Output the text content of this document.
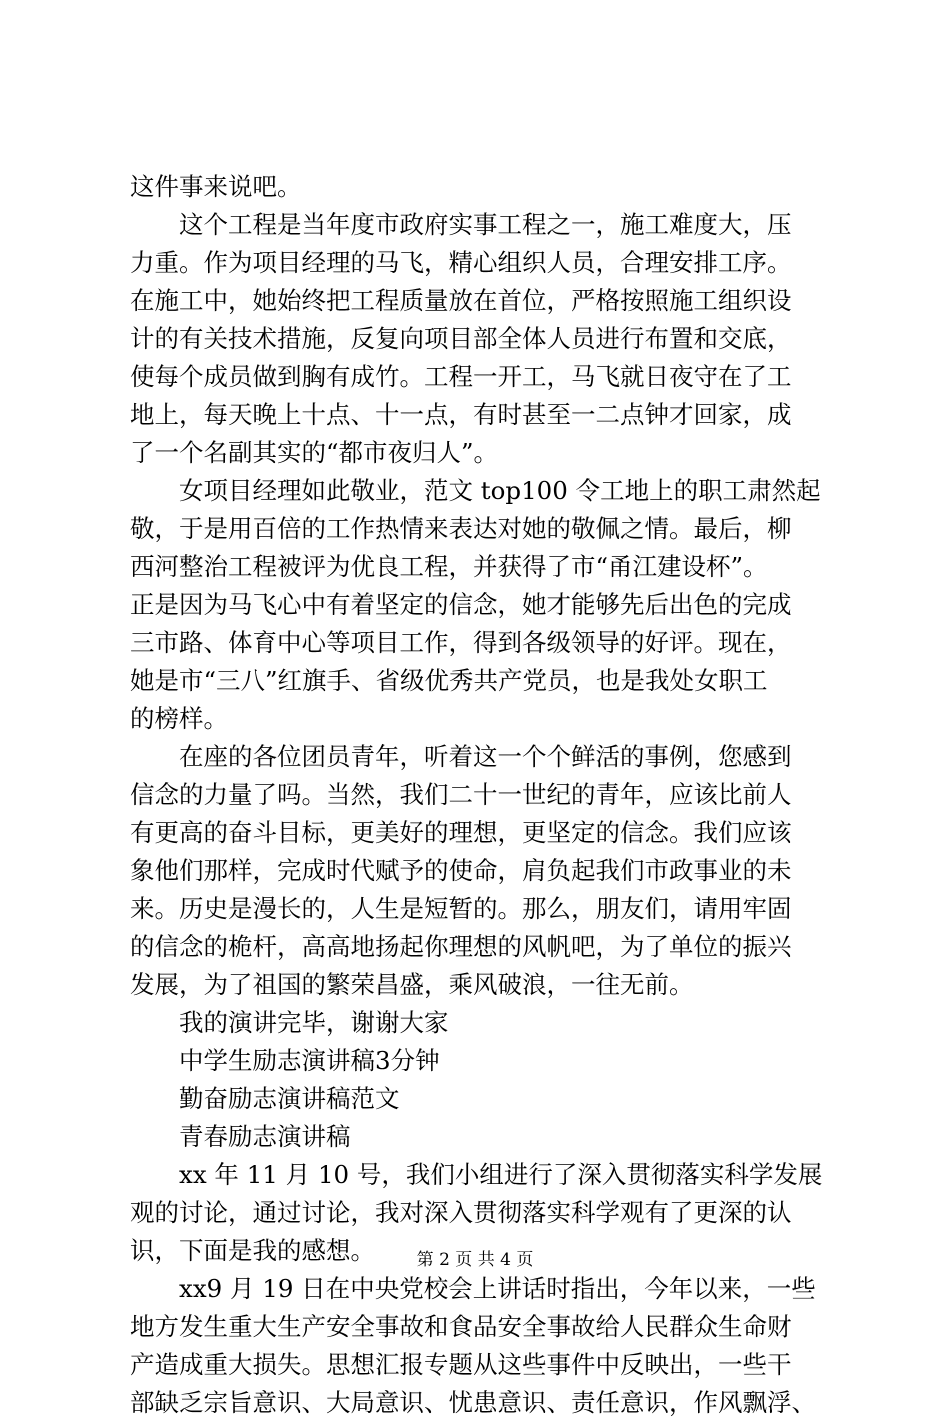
这件事来说吧。
这个工程是当年度市政府实事工程之一，施工难度大，压
力重。作为项目经理的马飞，精心组织人员，合理安排工序。
在施工中，她始终把工程质量放在首位，严格按照施工组织设
计的有关技术措施，反复向项目部全体人员进行布置和交底，
使每个成员做到胸有成竹。工程一开工，马飞就日夜守在了工
地上，每天晚上十点、十一点，有时甚至一二点钟才回家，成
了一个名副其实的“都市夜归人”。
女项目经理如此敬业，范文 top100 令工地上的职工肃然起
敬，于是用百倍的工作热情来表达对她的敬佩之情。最后，柳
西河整治工程被评为优良工程，并获得了市“甬江建设杯”。
正是因为马飞心中有着坚定的信念，她才能够先后出色的完成
三市路、体育中心等项目工作，得到各级领导的好评。现在，
她是市“三八”红旗手、省级优秀共产党员，也是我处女职工
的榜样。
在座的各位团员青年，听着这一个个鲜活的事例，您感到
信念的力量了吗。当然，我们二十一世纪的青年，应该比前人
有更高的奋斗目标，更美好的理想，更坚定的信念。我们应该
象他们那样，完成时代赋予的使命，肩负起我们市政事业的未
来。历史是漫长的，人生是短暂的。那么，朋友们，请用牢固
的信念的桅杆，高高地扬起你理想的风帆吧，为了单位的振兴
发展，为了祖国的繁荣昌盛，乘风破浪，一往无前。
我的演讲完毕，谢谢大家
中学生励志演讲稿3分钟
勤奋励志演讲稿范文
青春励志演讲稿
xx 年 11 月 10 号，我们小组进行了深入贯彻落实科学发展
观的讨论，通过讨论，我对深入贯彻落实科学观有了更深的认
识，下面是我的感想。
xx9 月 19 日在中央党校会上讲话时指出，今年以来，一些
地方发生重大生产安全事故和食品安全事故给人民群众生命财
产造成重大损失。思想汇报专题从这些事件中反映出，一些干
部缺乏宗旨意识、大局意识、忧患意识、责任意识，作风飘浮、
第 2 页 共 4 页
